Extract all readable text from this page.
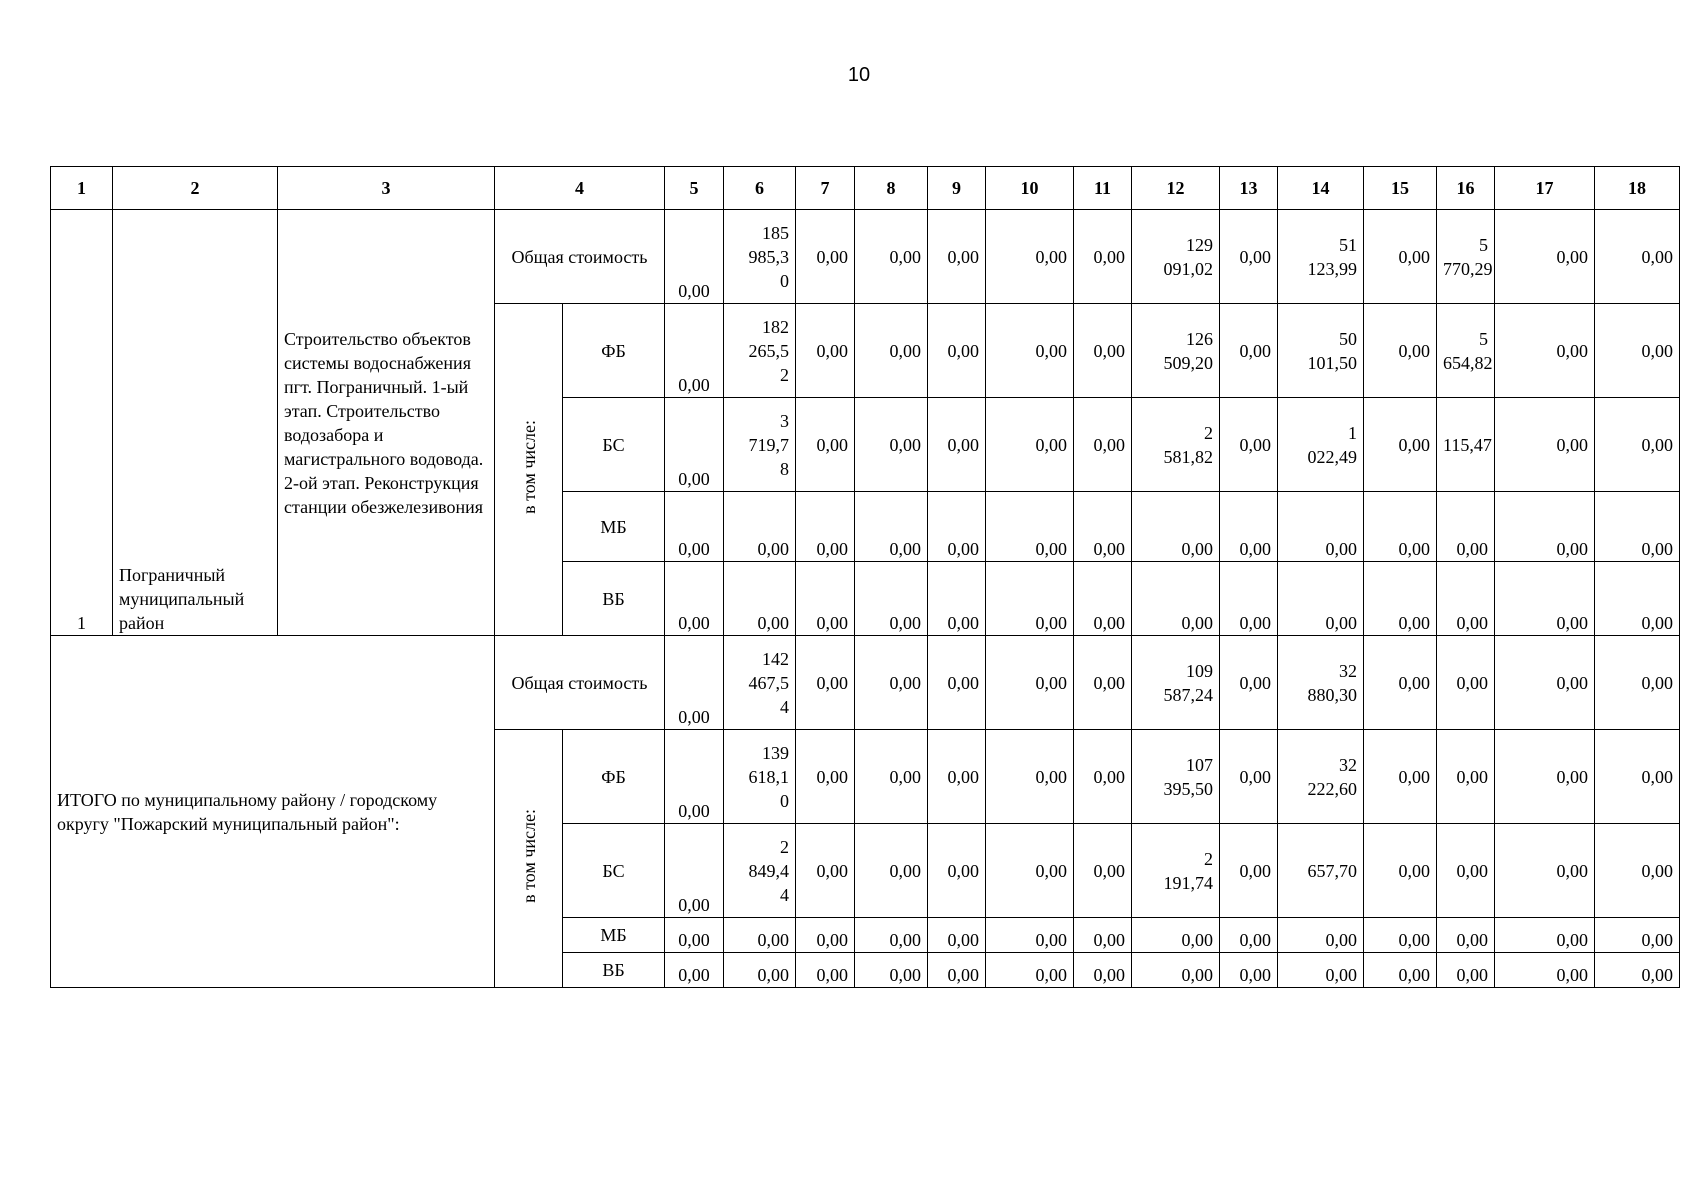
10
1	2	3	4		5	6	7	8	9	10	11	12	13	14	15	16	17	18
1	Пограничный муниципальный район	Строительство объектов системы водоснабжения пгт. Пограничный. 1-ый этап. Строительство водозабора и магистрального водовода. 2-ой этап. Реконструкция станции обезжелезивония	Общая стоимость		0,00	185
985,3
0	0,00	0,00	0,00	0,00	0,00	129
091,02	0,00	51
123,99	0,00	5
770,29	0,00	0,00
			в том числе:	ФБ	0,00	182
265,5
2	0,00	0,00	0,00	0,00	0,00	126
509,20	0,00	50
101,50	0,00	5
654,82	0,00	0,00
				БС	0,00	3
719,7
8	0,00	0,00	0,00	0,00	0,00	2
581,82	0,00	1
022,49	0,00	115,47	0,00	0,00
				МБ	0,00	0,00	0,00	0,00	0,00	0,00	0,00	0,00	0,00	0,00	0,00	0,00	0,00	0,00
				ВБ	0,00	0,00	0,00	0,00	0,00	0,00	0,00	0,00	0,00	0,00	0,00	0,00	0,00	0,00
ИТОГО по муниципальному району / городскому округу "Пожарский муниципальный район":			Общая стоимость		0,00	142
467,5
4	0,00	0,00	0,00	0,00	0,00	109
587,24	0,00	32
880,30	0,00	0,00	0,00	0,00
			в том числе:	ФБ	0,00	139
618,1
0	0,00	0,00	0,00	0,00	0,00	107
395,50	0,00	32
222,60	0,00	0,00	0,00	0,00
				БС	0,00	2
849,4
4	0,00	0,00	0,00	0,00	0,00	2
191,74	0,00	657,70	0,00	0,00	0,00	0,00
				МБ	0,00	0,00	0,00	0,00	0,00	0,00	0,00	0,00	0,00	0,00	0,00	0,00	0,00	0,00
				ВБ	0,00	0,00	0,00	0,00	0,00	0,00	0,00	0,00	0,00	0,00	0,00	0,00	0,00	0,00
